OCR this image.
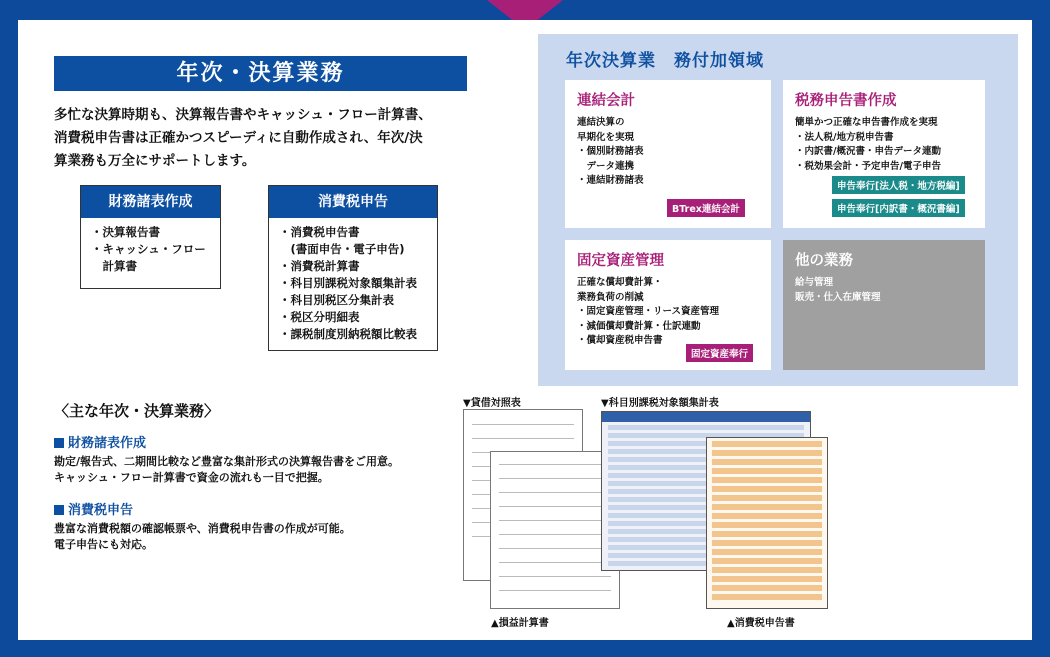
年次・決算業務
多忙な決算時期も、決算報告書やキャッシュ・フロー計算書、
消費税申告書は正確かつスピーディに自動作成され、年次/決
算業務も万全にサポートします。
財務諸表作成
・決算報告書
・キャッシュ・フロー
　計算書
消費税申告
・消費税申告書
　(書面申告・電子申告)
・消費税計算書
・科目別課税対象額集計表
・科目別税区分集計表
・税区分明細表
・課税制度別納税額比較表
年次決算業　務付加領域
連結会計
連結決算の
早期化を実現
・個別財務諸表
　データ連携
・連結財務諸表
BTrex連結会計
税務申告書作成
簡単かつ正確な申告書作成を実現
・法人税/地方税申告書
・内訳書/概況書・申告データ連動
・税効果会計・予定申告/電子申告
申告奉行[法人税・地方税編]
申告奉行[内訳書・概況書編]
固定資産管理
正確な償却費計算・
業務負荷の削減
・固定資産管理・リース資産管理
・減価償却費計算・仕訳連動
・償却資産税申告書
固定資産奉行
他の業務
給与管理
販売・仕入在庫管理
〈主な年次・決算業務〉
財務諸表作成
勘定/報告式、二期間比較など豊富な集計形式の決算報告書をご用意。
キャッシュ・フロー計算書で資金の流れも一目で把握。
消費税申告
豊富な消費税額の確認帳票や、消費税申告書の作成が可能。
電子申告にも対応。
▼貸借対照表	▼科目別課税対象額集計表
▲損益計算書	▲消費税申告書
